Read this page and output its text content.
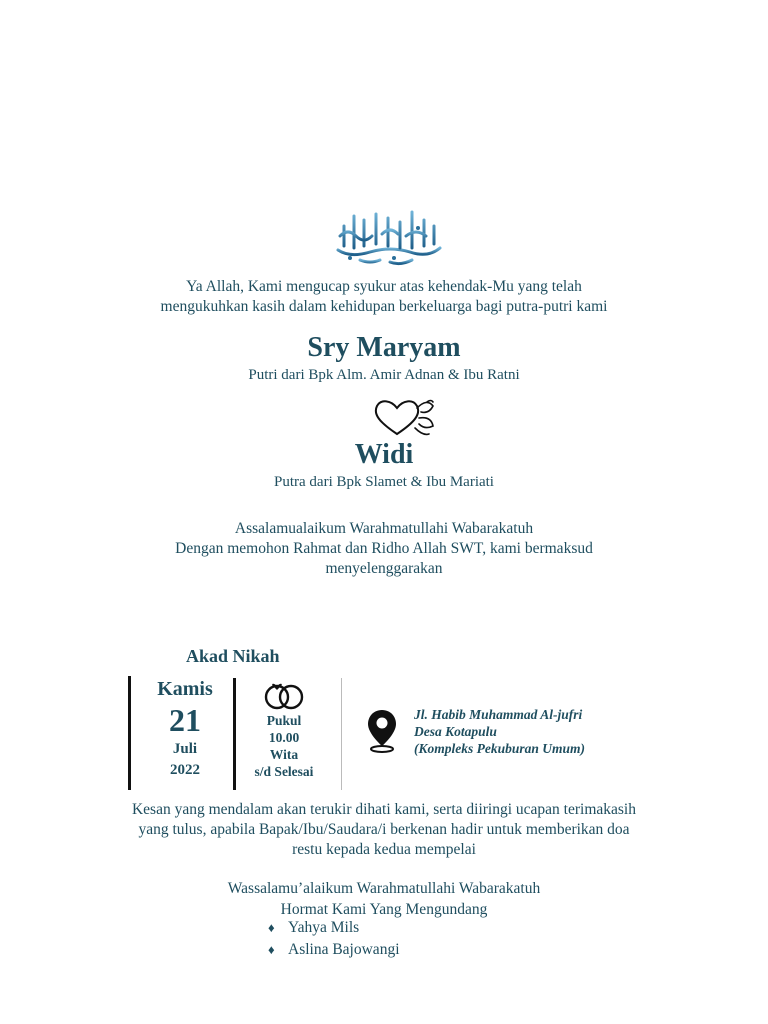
Ya Allah, Kami mengucap syukur atas kehendak-Mu yang telah
mengukuhkan kasih dalam kehidupan berkeluarga bagi putra-putri kami
Sry Maryam
Putri dari Bpk Alm. Amir Adnan & Ibu Ratni
Widi
Putra dari Bpk Slamet & Ibu Mariati
Assalamualaikum Warahmatullahi Wabarakatuh
Dengan memohon Rahmat dan Ridho Allah SWT, kami bermaksud
menyelenggarakan
Akad Nikah
Kamis
21
Juli
2022
Pukul
10.00
Wita
s/d Selesai
Jl. Habib Muhammad Al-jufri
Desa Kotapulu
(Kompleks Pekuburan Umum)
Kesan yang mendalam akan terukir dihati kami, serta diiringi ucapan terimakasih
yang tulus, apabila Bapak/Ibu/Saudara/i berkenan hadir untuk memberikan doa
restu kepada kedua mempelai
Wassalamu’alaikum Warahmatullahi Wabarakatuh
Hormat Kami Yang Mengundang
♦ Yahya Mils
♦ Aslina Bajowangi
